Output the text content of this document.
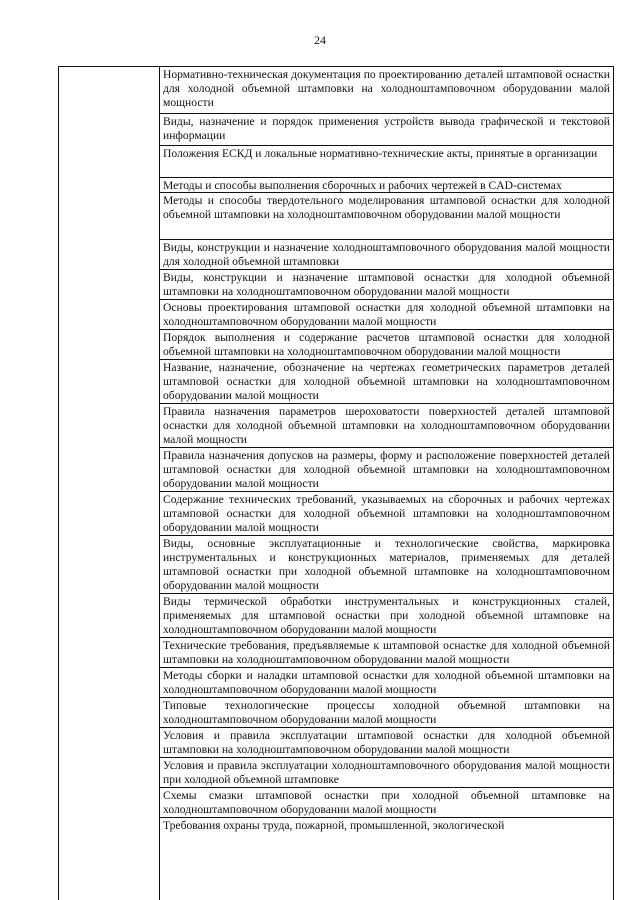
24
Нормативно-техническая документация по проектированию деталей штамповой оснастки для холодной объемной штамповки на холодноштамповочном оборудовании малой мощности
Виды, назначение и порядок применения устройств вывода графической и текстовой информации
Положения ЕСКД и локальные нормативно-технические акты, принятые в организации
Методы и способы выполнения сборочных и рабочих чертежей в CAD-системах
Методы и способы твердотельного моделирования штамповой оснастки для холодной объемной штамповки на холодноштамповочном оборудовании малой мощности
Виды, конструкции и назначение холодноштамповочного оборудования малой мощности для холодной объемной штамповки
Виды, конструкции и назначение штамповой оснастки для холодной объемной штамповки на холодноштамповочном оборудовании малой мощности
Основы проектирования штамповой оснастки для холодной объемной штамповки на холодноштамповочном оборудовании малой мощности
Порядок выполнения и содержание расчетов штамповой оснастки для холодной объемной штамповки на холодноштамповочном оборудовании малой мощности
Название, назначение, обозначение на чертежах геометрических параметров деталей штамповой оснастки для холодной объемной штамповки на холодноштамповочном оборудовании малой мощности
Правила назначения параметров шероховатости поверхностей деталей штамповой оснастки для холодной объемной штамповки на холодноштамповочном оборудовании малой мощности
Правила назначения допусков на размеры, форму и расположение поверхностей деталей штамповой оснастки для холодной объемной штамповки на холодноштамповочном оборудовании малой мощности
Содержание технических требований, указываемых на сборочных и рабочих чертежах штамповой оснастки для холодной объемной штамповки на холодноштамповочном оборудовании малой мощности
Виды, основные эксплуатационные и технологические свойства, маркировка инструментальных и конструкционных материалов, применяемых для деталей штамповой оснастки при холодной объемной штамповке на холодноштамповочном оборудовании малой мощности
Виды термической обработки инструментальных и конструкционных сталей, применяемых для штамповой оснастки при холодной объемной штамповке на холодноштамповочном оборудовании малой мощности
Технические требования, предъявляемые к штамповой оснастке для холодной объемной штамповки на холодноштамповочном оборудовании малой мощности
Методы сборки и наладки штамповой оснастки для холодной объемной штамповки на холодноштамповочном оборудовании малой мощности
Типовые технологические процессы холодной объемной штамповки на холодноштамповочном оборудовании малой мощности
Условия и правила эксплуатации штамповой оснастки для холодной объемной штамповки на холодноштамповочном оборудовании малой мощности
Условия и правила эксплуатации холодноштамповочного оборудования малой мощности при холодной объемной штамповке
Схемы смазки штамповой оснастки при холодной объемной штамповке на холодноштамповочном оборудовании малой мощности
Требования охраны труда, пожарной, промышленной, экологической
